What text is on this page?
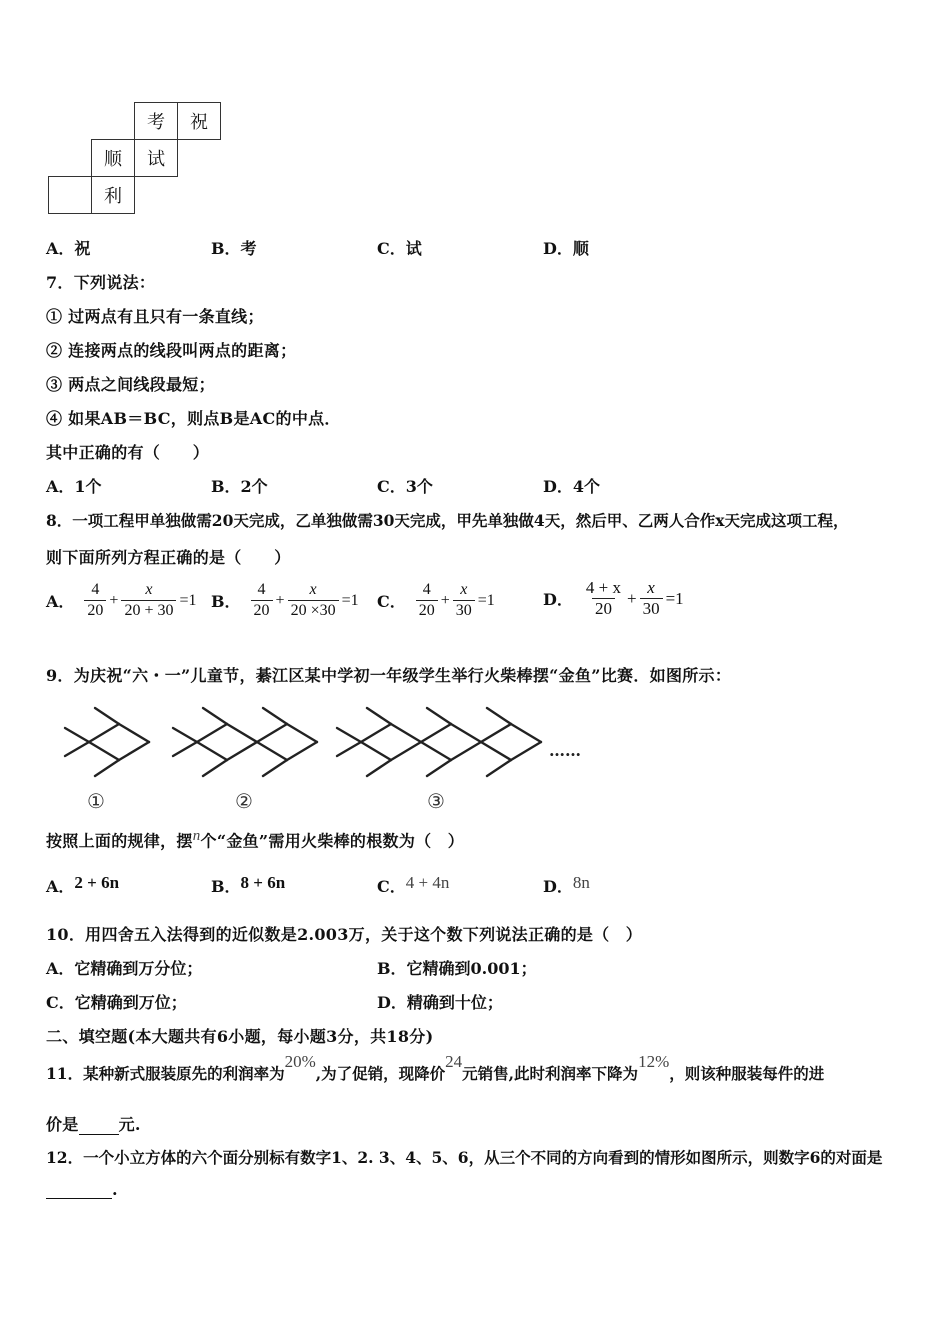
考	祝
顺	试
利
A．祝	B．考	C．试	D．顺
7．下列说法：
① 过两点有且只有一条直线；
② 连接两点的线段叫两点的距离；
③ 两点之间线段最短；
④ 如果AB＝BC，则点B是AC的中点．
其中正确的有（　　）
A．1个	B．2个	C．3个	D．4个
8．一项工程甲单独做需20天完成，乙单独做需30天完成，甲先单独做4天，然后甲、乙两人合作x天完成这项工程，
则下面所列方程正确的是（　　）
A． $\frac{4}{20} + \frac{x}{20 + 30} =1$ B． $\frac{4}{20} + \frac{x}{20 \times 30} =1$ C． $\frac{4}{20} + \frac{x}{30} =1$	D． $\frac{4 + x}{20} + \frac{x}{30} =1$
9．为庆祝“六・一”儿童节，綦江区某中学初一年级学生举行火柴棒摆“金鱼”比赛．如图所示：
……
①	②	③
按照上面的规律，摆$^n$个“金鱼”需用火柴棒的根数为（　）
A．2 + 6n	B．8 + 6n	C．4 + 4n	D．8n
10．用四舍五入法得到的近似数是2.003万，关于这个数下列说法正确的是（　）
A．它精确到万分位；	B．它精确到0.001；
C．它精确到万位；	D．精确到十位；
二、填空题(本大题共有6小题，每小题3分，共18分)
11．某种新式服装原先的利润率为20%,为了促销，现降价24元销售,此时利润率下降为12%，则该种服装每件的进
价是	元.
12．一个小立方体的六个面分别标有数字1、2. 3、4、5、6，从三个不同的方向看到的情形如图所示，则数字6的对面是
.
